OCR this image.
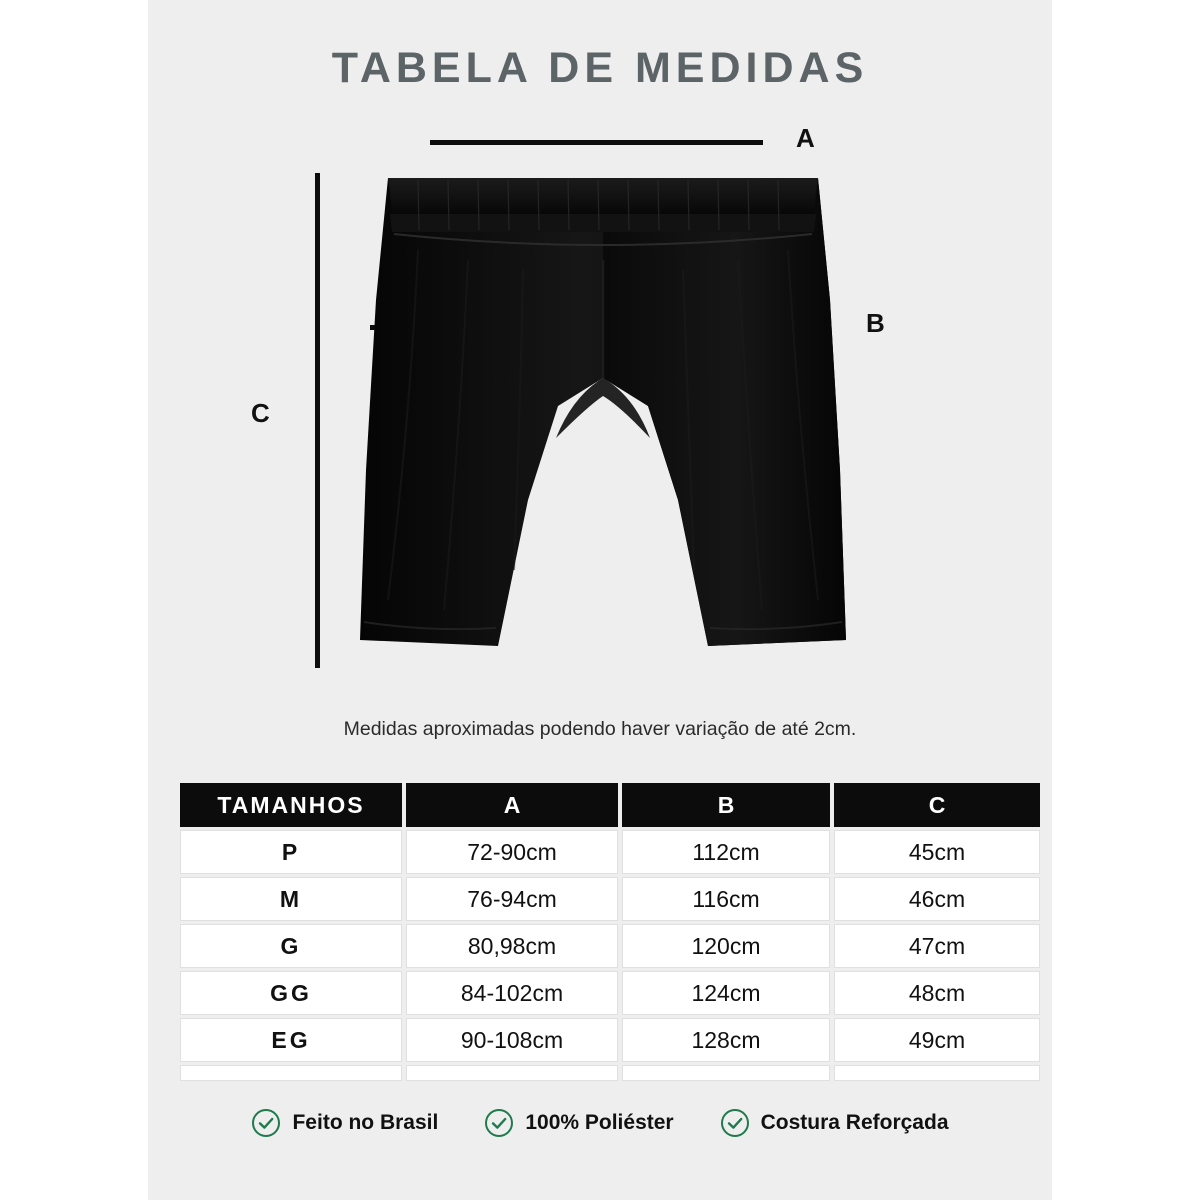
TABELA DE MEDIDAS
A
B
C
Medidas aproximadas podendo haver variação de até 2cm.
TAMANHOS	A	B	C
P	72-90cm	112cm	45cm
M	76-94cm	116cm	46cm
G	80,98cm	120cm	47cm
GG	84-102cm	124cm	48cm
EG	90-108cm	128cm	49cm

Feito no Brasil	100% Poliéster	Costura Reforçada
